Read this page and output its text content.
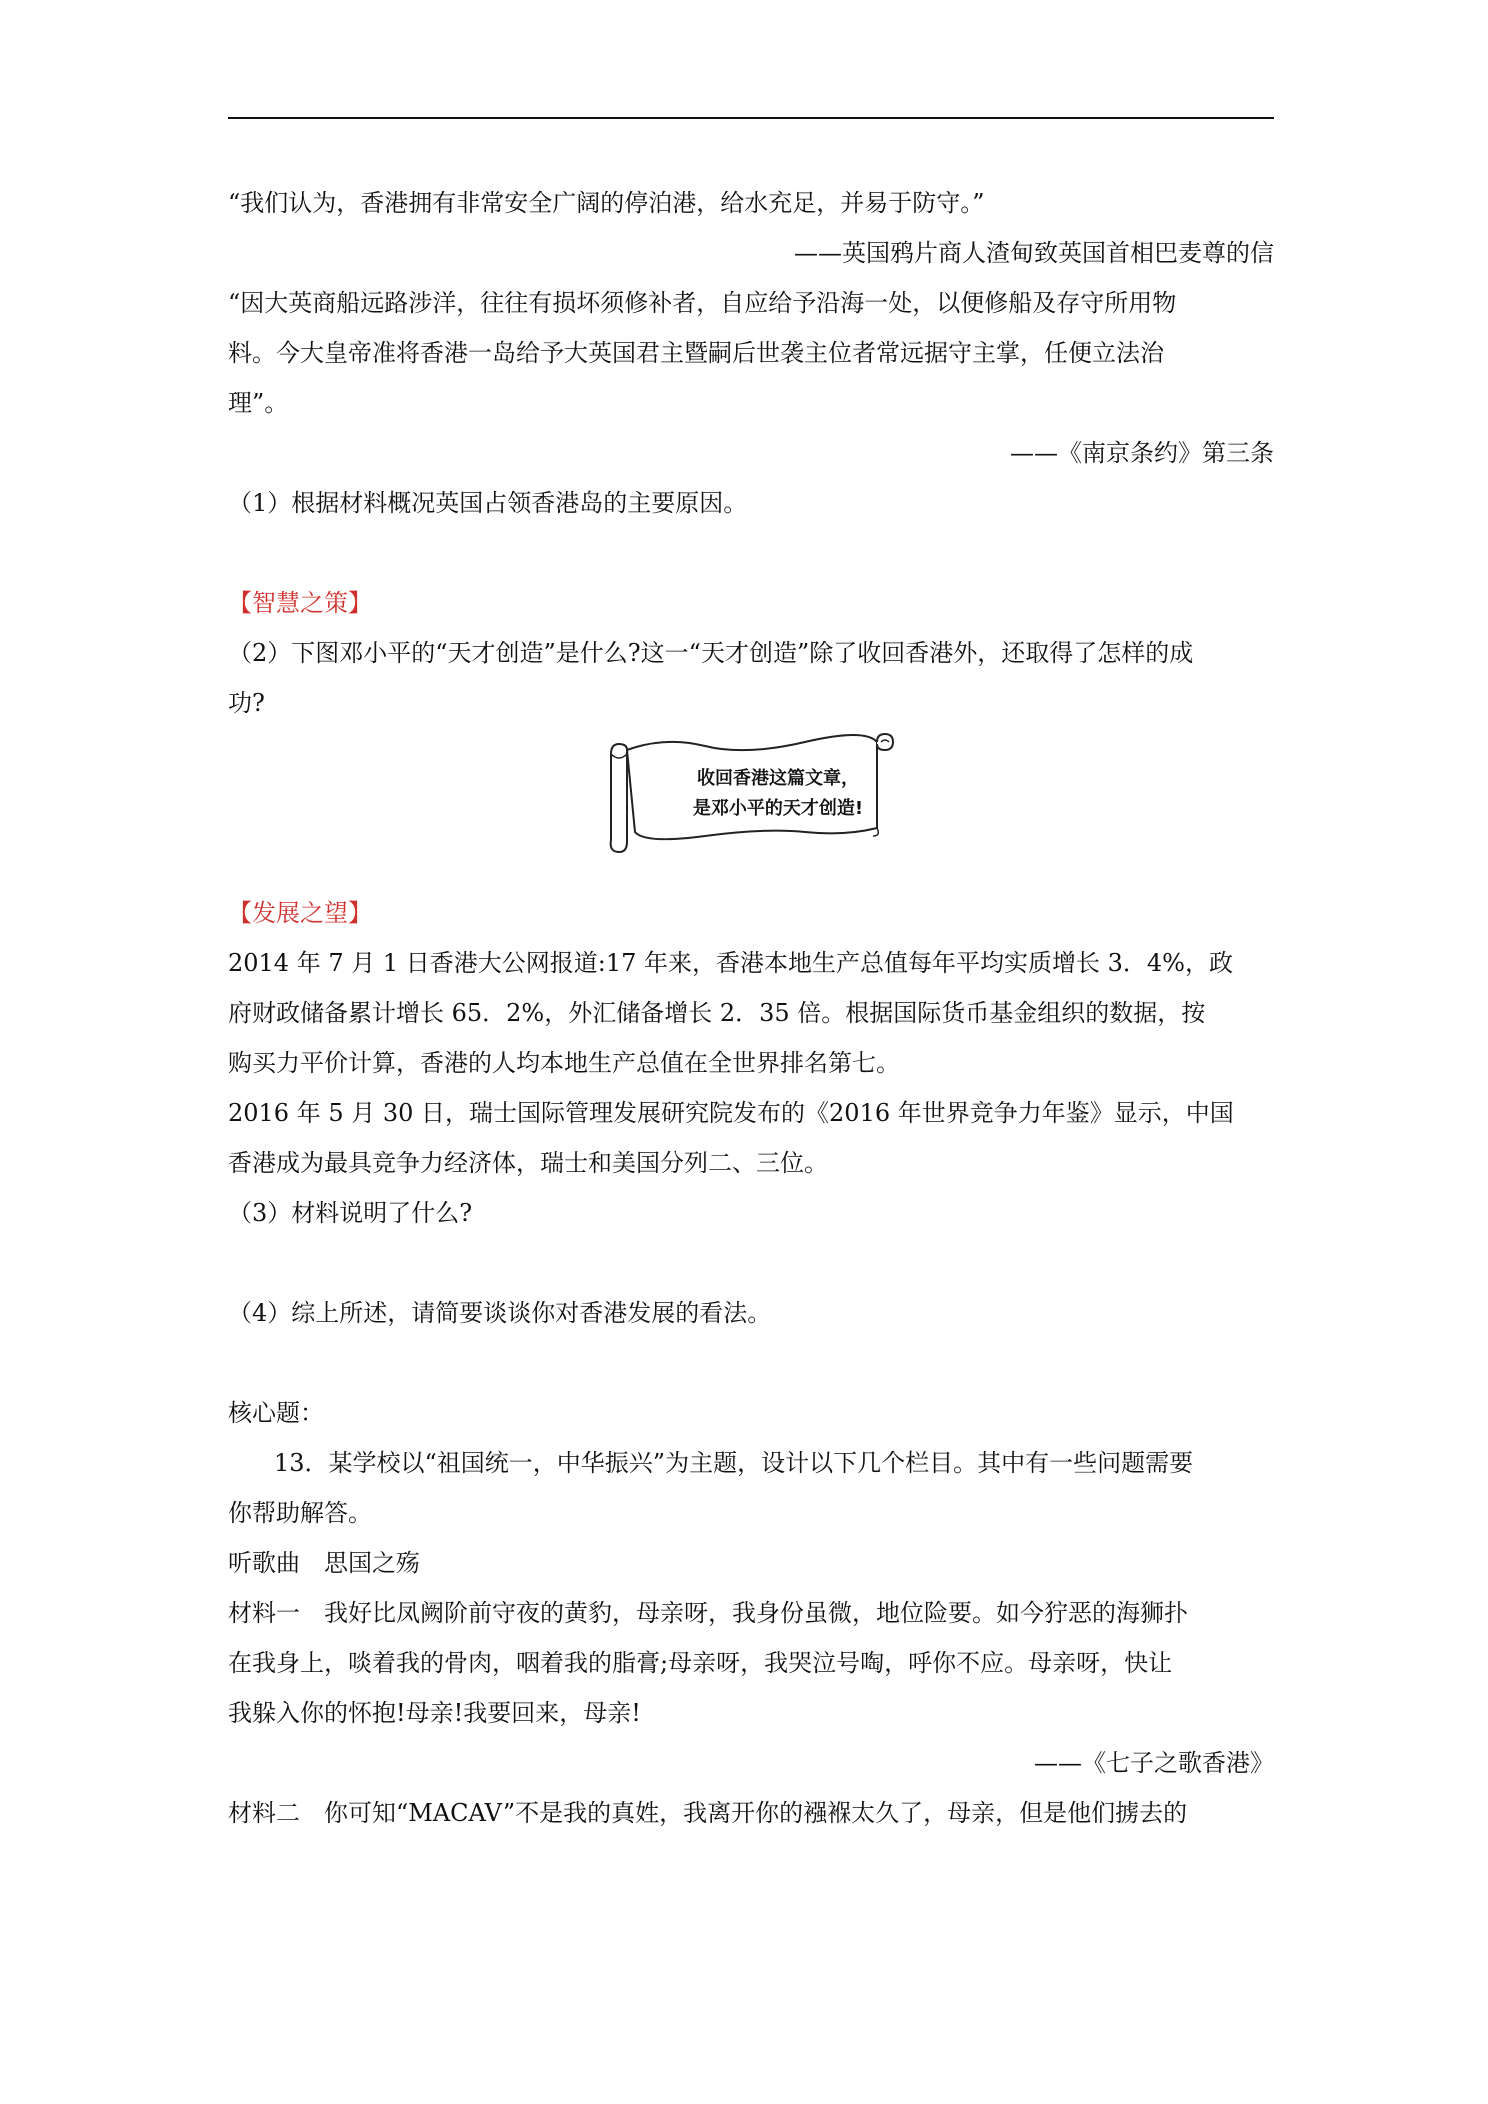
“我们认为，香港拥有非常安全广阔的停泊港，给水充足，并易于防守。”

——英国鸦片商人渣甸致英国首相巴麦尊的信

“因大英商船远路涉洋，往往有损坏须修补者，自应给予沿海一处，以便修船及存守所用物

料。今大皇帝准将香港一岛给予大英国君主暨嗣后世袭主位者常远据守主掌，任便立法治

理”。

——《南京条约》第三条

（1）根据材料概况英国占领香港岛的主要原因。

【智慧之策】

（2）下图邓小平的“天才创造”是什么?这一“天才创造”除了收回香港外，还取得了怎样的成

功?

收回香港这篇文章，
是邓小平的天才创造!

【发展之望】

2014 年 7 月 1 日香港大公网报道:17 年来，香港本地生产总值每年平均实质增长 3．4%，政

府财政储备累计增长 65．2%，外汇储备增长 2．35 倍。根据国际货币基金组织的数据，按

购买力平价计算，香港的人均本地生产总值在全世界排名第七。

2016 年 5 月 30 日，瑞士国际管理发展研究院发布的《2016 年世界竞争力年鉴》显示，中国

香港成为最具竞争力经济体，瑞士和美国分列二、三位。

（3）材料说明了什么?

（4）综上所述，请简要谈谈你对香港发展的看法。

核心题：

13．某学校以“祖国统一，中华振兴”为主题，设计以下几个栏目。其中有一些问题需要

你帮助解答。

听歌曲　思国之殇

材料一　我好比凤阙阶前守夜的黄豹，母亲呀，我身份虽微，地位险要。如今狞恶的海狮扑

在我身上，啖着我的骨肉，咽着我的脂膏;母亲呀，我哭泣号啕，呼你不应。母亲呀，快让

我躲入你的怀抱!母亲!我要回来，母亲!

——《七子之歌香港》

材料二　你可知“MACAV”不是我的真姓，我离开你的襁褓太久了，母亲，但是他们掳去的
